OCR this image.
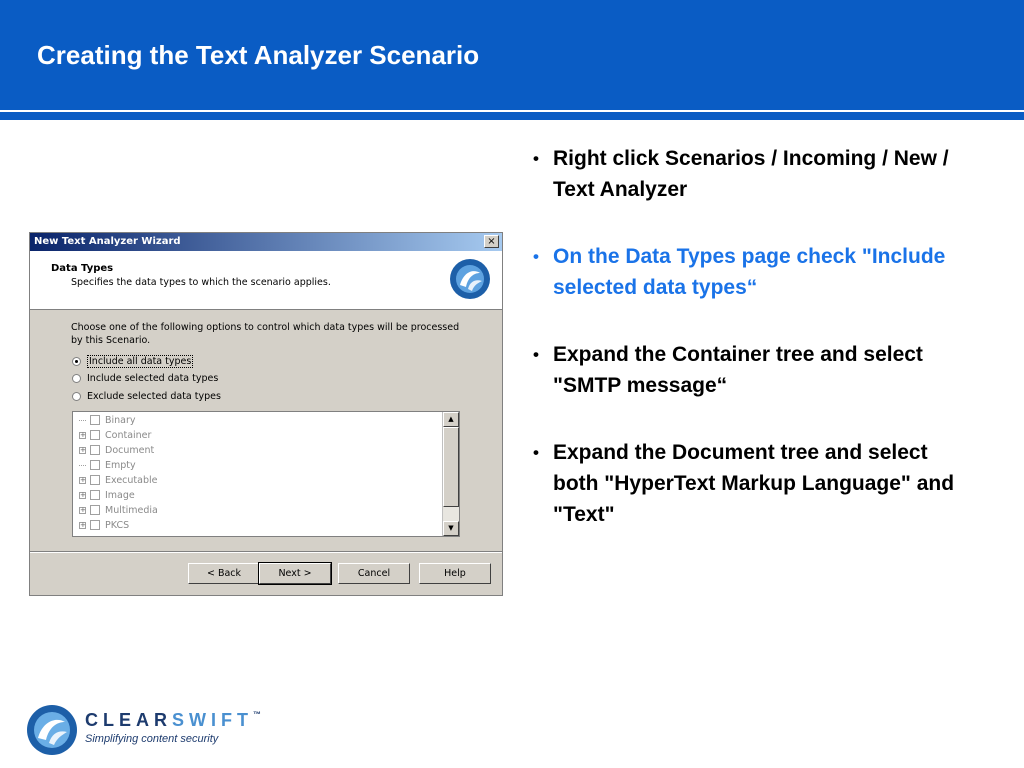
Creating the Text Analyzer Scenario
New Text Analyzer Wizard	×
Data Types
Specifies the data types to which the scenario applies.
Choose one of the following options to control which data types will be processed by this Scenario.
Include all data types
Include selected data types
Exclude selected data types
Binary
+ Container
+ Document
Empty
+ Executable
+ Image
+ Multimedia
+ PKCS
▲
▼
< Back	Next >	Cancel	Help
• Right click Scenarios / Incoming / New / Text Analyzer
• On the Data Types page check "Include selected data types“
• Expand the Container tree and select "SMTP message“
• Expand the Document tree and select both "HyperText Markup Language" and "Text"
CLEARSWIFT™
Simplifying content security
